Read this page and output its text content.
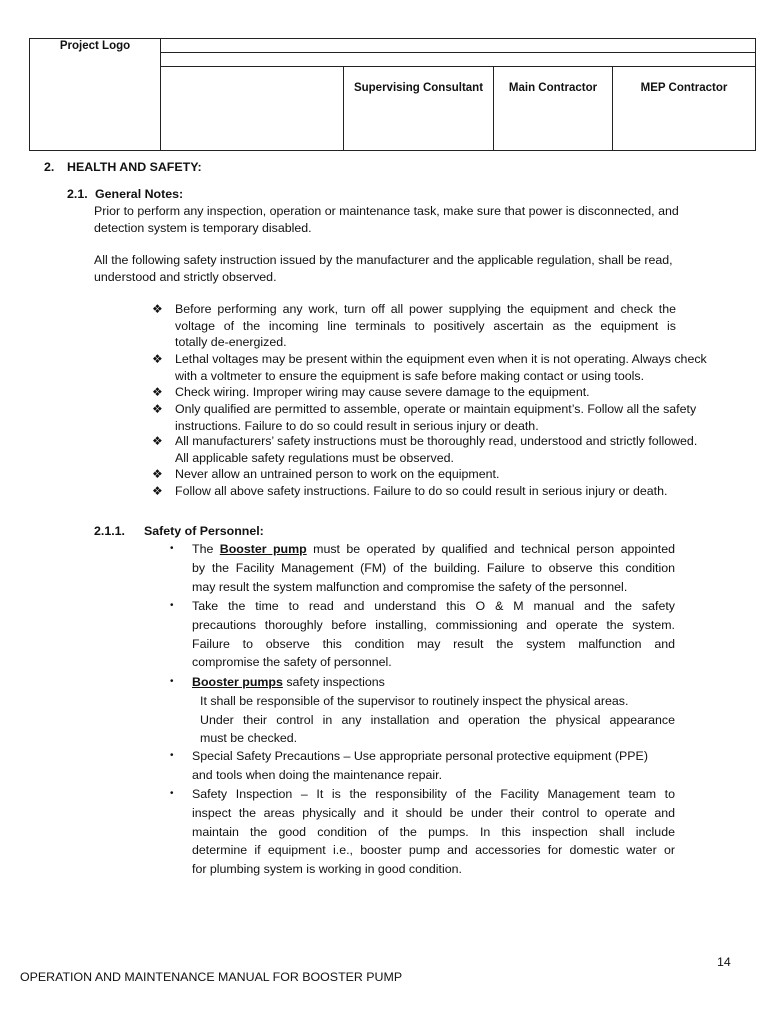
Project Logo				

		Supervising Consultant	Main Contractor	MEP Contractor
2. HEALTH AND SAFETY:
2.1. General Notes:
Prior to perform any inspection, operation or maintenance task, make sure that power is disconnected, and
detection system is temporary disabled.
All the following safety instruction issued by the manufacturer and the applicable regulation, shall be read,
understood and strictly observed.
❖ Before performing any work, turn off all power supplying the equipment and check the
voltage of the incoming line terminals to positively ascertain as the equipment is
totally de-energized.
❖ Lethal voltages may be present within the equipment even when it is not operating. Always check
with a voltmeter to ensure the equipment is safe before making contact or using tools.
❖ Check wiring. Improper wiring may cause severe damage to the equipment.
❖ Only qualified are permitted to assemble, operate or maintain equipment’s. Follow all the safety
instructions. Failure to do so could result in serious injury or death.
❖ All manufacturers’ safety instructions must be thoroughly read, understood and strictly followed.
All applicable safety regulations must be observed.
❖ Never allow an untrained person to work on the equipment.
❖ Follow all above safety instructions. Failure to do so could result in serious injury or death.
2.1.1. Safety of Personnel:
• The Booster pump must be operated by qualified and technical person appointed
by the Facility Management (FM) of the building. Failure to observe this condition
may result the system malfunction and compromise the safety of the personnel.
• Take the time to read and understand this O & M manual and the safety
precautions thoroughly before installing, commissioning and operate the system.
Failure to observe this condition may result the system malfunction and
compromise the safety of personnel.
• Booster pumps safety inspections
It shall be responsible of the supervisor to routinely inspect the physical areas.
Under their control in any installation and operation the physical appearance
must be checked.
• Special Safety Precautions – Use appropriate personal protective equipment (PPE)
and tools when doing the maintenance repair.
• Safety Inspection – It is the responsibility of the Facility Management team to
inspect the areas physically and it should be under their control to operate and
maintain the good condition of the pumps. In this inspection shall include
determine if equipment i.e., booster pump and accessories for domestic water or
for plumbing system is working in good condition.
14
OPERATION AND MAINTENANCE MANUAL FOR BOOSTER PUMP
